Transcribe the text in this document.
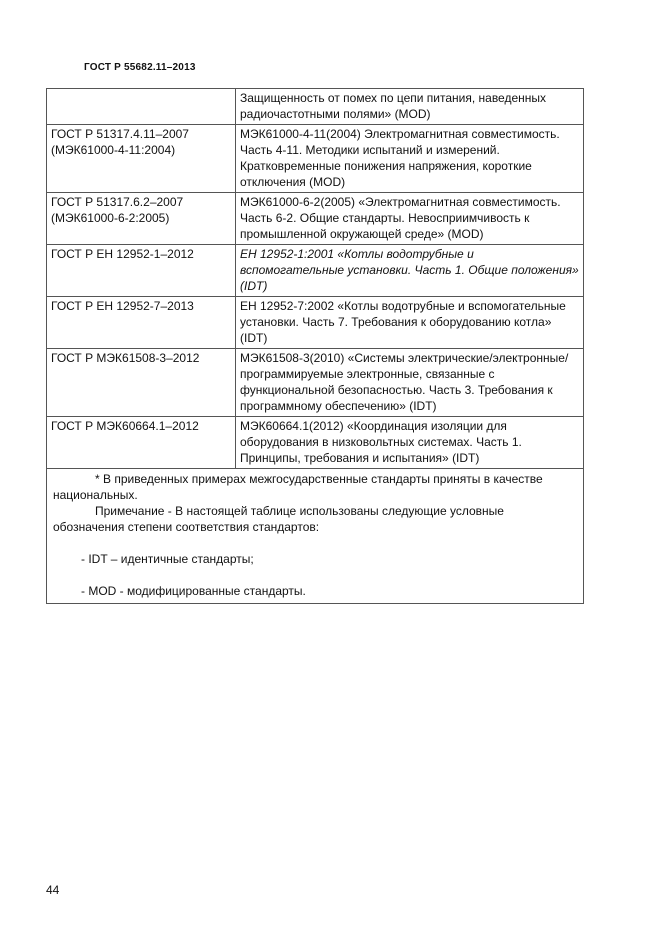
ГОСТ Р 55682.11–2013
	Защищенность от помех по цепи питания, наведенных радиочастотными полями» (MOD)
ГОСТ Р 51317.4.11–2007 (МЭК61000-4-11:2004)	МЭК61000-4-11(2004) Электромагнитная совместимость. Часть 4-11. Методики испытаний и измерений. Кратковременные понижения напряжения, короткие отключения (MOD)
ГОСТ Р 51317.6.2–2007 (МЭК61000-6-2:2005)	МЭК61000-6-2(2005) «Электромагнитная совместимость. Часть 6-2. Общие стандарты. Невосприимчивость к промышленной окружающей среде» (MOD)
ГОСТ Р ЕН 12952-1–2012	ЕН 12952-1:2001 «Котлы водотрубные и вспомогательные установки. Часть 1. Общие положения» (IDT)
ГОСТ Р ЕН 12952-7–2013	ЕН 12952-7:2002 «Котлы водотрубные и вспомогательные установки. Часть 7. Требования к оборудованию котла» (IDT)
ГОСТ Р МЭК61508-3–2012	МЭК61508-3(2010) «Системы электрические/электронные/программируемые электронные, связанные с функциональной безопасностью. Часть 3. Требования к программному обеспечению» (IDT)
ГОСТ Р МЭК60664.1–2012	МЭК60664.1(2012) «Координация изоляции для оборудования в низковольтных системах. Часть 1. Принципы, требования и испытания» (IDT)

* В приведенных примерах межгосударственные стандарты приняты в качестве национальных.

Примечание - В настоящей таблице использованы следующие условные обозначения степени соответствия стандартов:

- IDT – идентичные стандарты;

- MOD - модифицированные стандарты.	

44
